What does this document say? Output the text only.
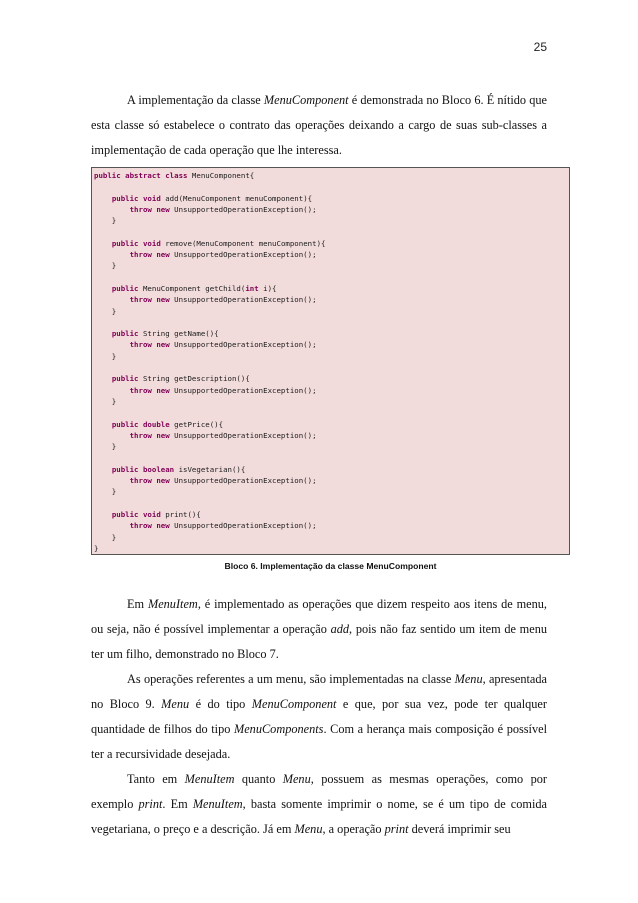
25

A implementação da classe MenuComponent é demonstrada no Bloco 6. É nítido que esta classe só estabelece o contrato das operações deixando a cargo de suas sub-classes a implementação de cada operação que lhe interessa.

public abstract class MenuComponent{

public void add(MenuComponent menuComponent){
throw new UnsupportedOperationException();
}

public void remove(MenuComponent menuComponent){
throw new UnsupportedOperationException();
}

public MenuComponent getChild(int i){
throw new UnsupportedOperationException();
}

public String getName(){
throw new UnsupportedOperationException();
}

public String getDescription(){
throw new UnsupportedOperationException();
}

public double getPrice(){
throw new UnsupportedOperationException();
}

public boolean isVegetarian(){
throw new UnsupportedOperationException();
}

public void print(){
throw new UnsupportedOperationException();
}
}
Bloco 6. Implementação da classe MenuComponent

Em MenuItem, é implementado as operações que dizem respeito aos itens de menu, ou seja, não é possível implementar a operação add, pois não faz sentido um item de menu ter um filho, demonstrado no Bloco 7.

As operações referentes a um menu, são implementadas na classe Menu, apresentada no Bloco 9. Menu é do tipo MenuComponent e que, por sua vez, pode ter qualquer quantidade de filhos do tipo MenuComponents. Com a herança mais composição é possível ter a recursividade desejada.

Tanto em MenuItem quanto Menu, possuem as mesmas operações, como por exemplo print. Em MenuItem, basta somente imprimir o nome, se é um tipo de comida vegetariana, o preço e a descrição. Já em Menu, a operação print deverá imprimir seu
